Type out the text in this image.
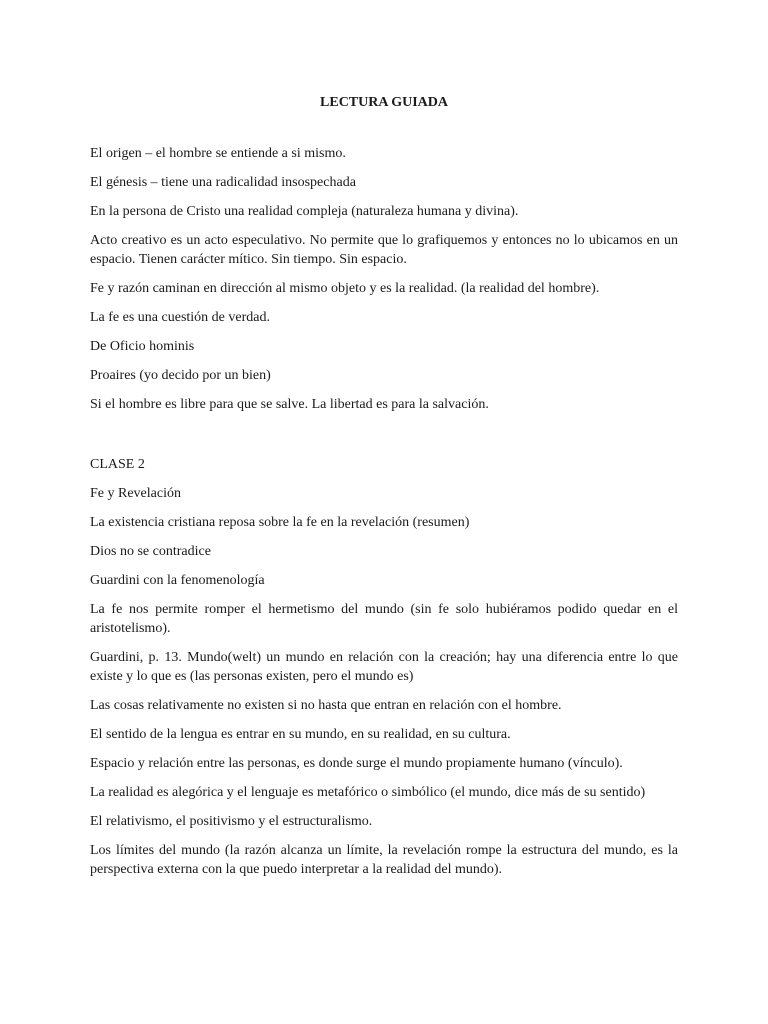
LECTURA GUIADA

El origen – el hombre se entiende a si mismo.

El génesis – tiene una radicalidad insospechada

En la persona de Cristo una realidad compleja (naturaleza humana y divina).

Acto creativo es un acto especulativo. No permite que lo grafiquemos y entonces no lo ubicamos en un espacio. Tienen carácter mítico. Sin tiempo. Sin espacio.

Fe y razón caminan en dirección al mismo objeto y es la realidad. (la realidad del hombre).

La fe es una cuestión de verdad.

De Oficio hominis

Proaires (yo decido por un bien)

Si el hombre es libre para que se salve. La libertad es para la salvación.

CLASE 2

Fe y Revelación

La existencia cristiana reposa sobre la fe en la revelación (resumen)

Dios no se contradice

Guardini con la fenomenología

La fe nos permite romper el hermetismo del mundo (sin fe solo hubiéramos podido quedar en el aristotelismo).

Guardini, p. 13. Mundo(welt) un mundo en relación con la creación; hay una diferencia entre lo que existe y lo que es (las personas existen, pero el mundo es)

Las cosas relativamente no existen si no hasta que entran en relación con el hombre.

El sentido de la lengua es entrar en su mundo, en su realidad, en su cultura.

Espacio y relación entre las personas, es donde surge el mundo propiamente humano (vínculo).

La realidad es alegórica y el lenguaje es metafórico o simbólico (el mundo, dice más de su sentido)

El relativismo, el positivismo y el estructuralismo.

Los límites del mundo (la razón alcanza un límite, la revelación rompe la estructura del mundo, es la perspectiva externa con la que puedo interpretar a la realidad del mundo).
